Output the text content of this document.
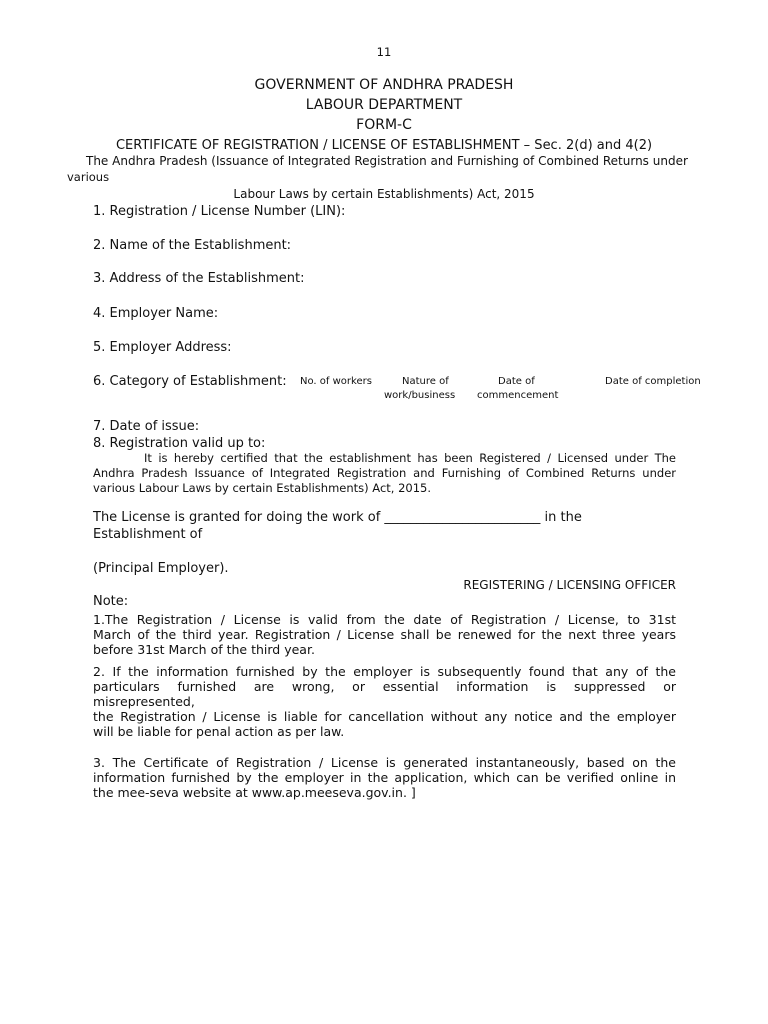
11
GOVERNMENT OF ANDHRA PRADESH
LABOUR DEPARTMENT
FORM-C
CERTIFICATE OF REGISTRATION / LICENSE OF ESTABLISHMENT – Sec. 2(d) and 4(2)
The Andhra Pradesh (Issuance of Integrated Registration and Furnishing of Combined Returns under
various
Labour Laws by certain Establishments) Act, 2015
1. Registration / License Number (LIN):
2. Name of the Establishment:
3. Address of the Establishment:
4. Employer Name:
5. Employer Address:
6. Category of Establishment: No. of workers	Nature of
work/business
Date of
commencement
Date of completion
7. Date of issue:
8. Registration valid up to:
It is hereby certified that the establishment has been Registered / Licensed under The
Andhra Pradesh Issuance of Integrated Registration and Furnishing of Combined Returns under
various Labour Laws by certain Establishments) Act, 2015.
The License is granted for doing the work of ________________________ in the
Establishment of
(Principal Employer).
REGISTERING / LICENSING OFFICER
Note:
1.The Registration / License is valid from the date of Registration / License, to 31st
March of the third year. Registration / License shall be renewed for the next three years
before 31st March of the third year.
2. If the information furnished by the employer is subsequently found that any of the
particulars furnished are wrong, or essential information is suppressed or
misrepresented,
the Registration / License is liable for cancellation without any notice and the employer
will be liable for penal action as per law.
3. The Certificate of Registration / License is generated instantaneously, based on the
information furnished by the employer in the application, which can be verified online in
the mee-seva website at www.ap.meeseva.gov.in. ]
